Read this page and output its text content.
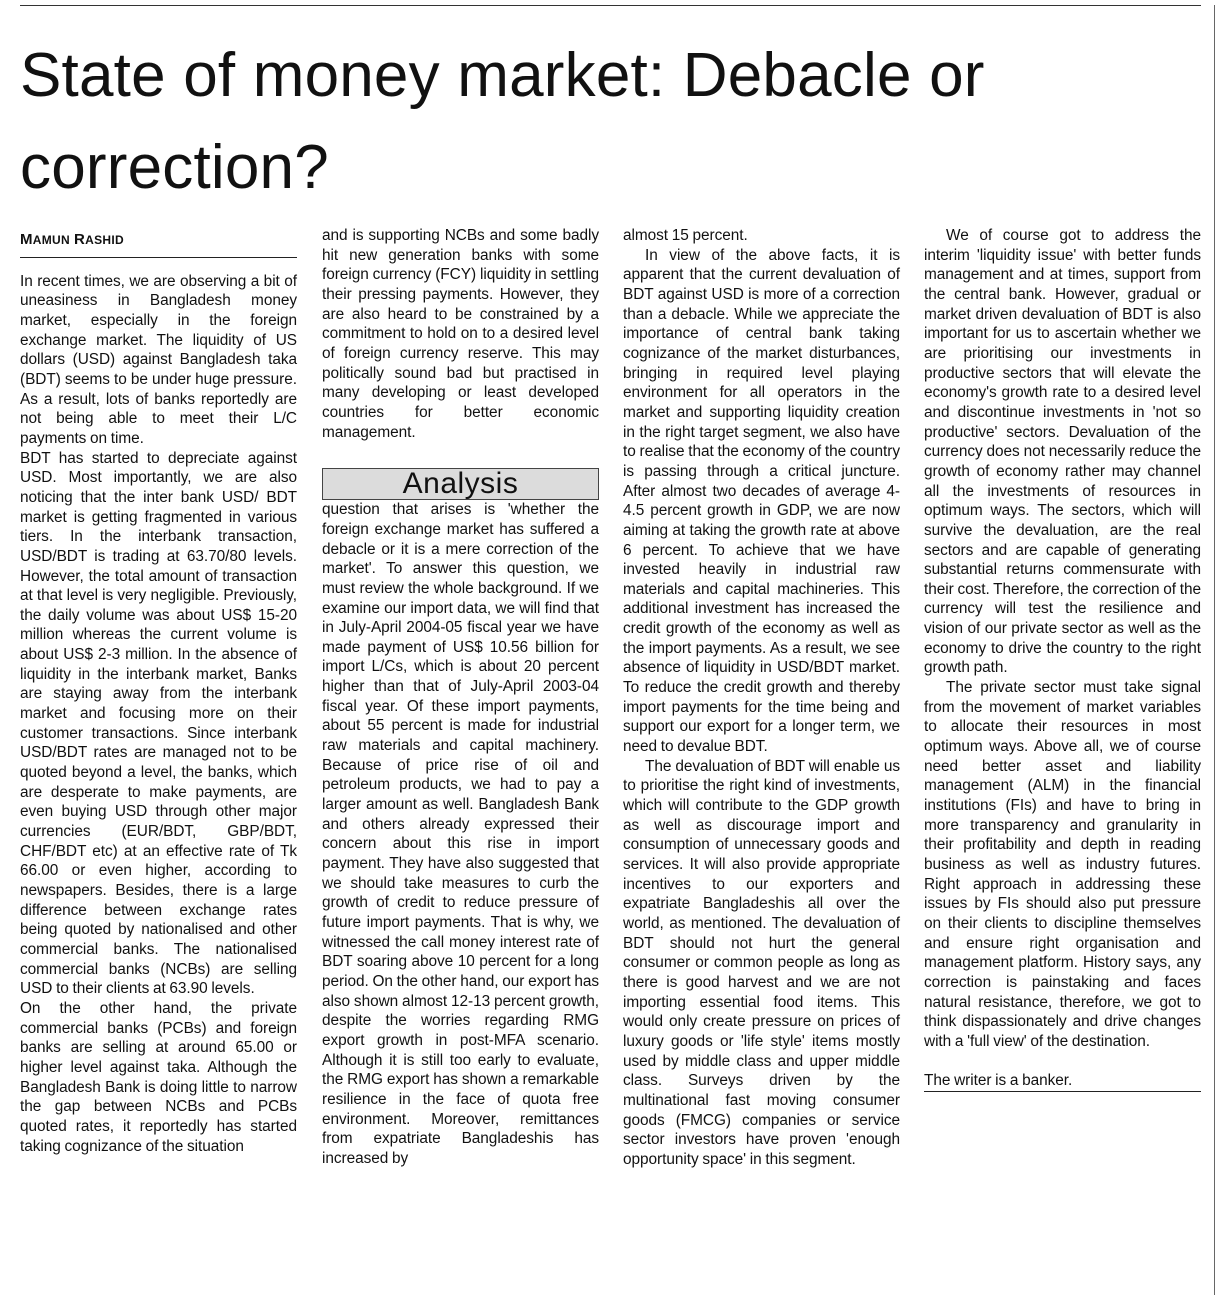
State of money market: Debacle or correction?

MAMUN RASHID

In recent times, we are observing a bit of uneasiness in Bangladesh money market, especially in the foreign exchange market. The liquidity of US dollars (USD) against Bangladesh taka (BDT) seems to be under huge pressure. As a result, lots of banks reportedly are not being able to meet their L/C payments on time.

BDT has started to depreciate against USD. Most importantly, we are also noticing that the inter bank USD/ BDT market is getting fragmented in various tiers. In the interbank transaction, USD/BDT is trading at 63.70/80 levels. However, the total amount of transaction at that level is very negligible. Previously, the daily volume was about US$ 15-20 million whereas the current volume is about US$ 2-3 million. In the absence of liquidity in the interbank market, Banks are staying away from the interbank market and focusing more on their customer transactions. Since interbank USD/BDT rates are managed not to be quoted beyond a level, the banks, which are desperate to make payments, are even buying USD through other major currencies (EUR/BDT, GBP/BDT, CHF/BDT etc) at an effective rate of Tk 66.00 or even higher, according to newspapers. Besides, there is a large difference between exchange rates being quoted by nationalised and other commercial banks. The nationalised commercial banks (NCBs) are selling USD to their clients at 63.90 levels.

On the other hand, the private commercial banks (PCBs) and foreign banks are selling at around 65.00 or higher level against taka. Although the Bangladesh Bank is doing little to narrow the gap between NCBs and PCBs quoted rates, it reportedly has started taking cognizance of the situation

and is supporting NCBs and some badly hit new generation banks with some foreign currency (FCY) liquidity in settling their pressing payments. However, they are also heard to be constrained by a commitment to hold on to a desired level of foreign currency reserve. This may politically sound bad but practised in many developing or least developed countries for better economic management.

Analysis

question that arises is 'whether the foreign exchange market has suffered a debacle or it is a mere correction of the market'. To answer this question, we must review the whole background. If we examine our import data, we will find that in July-April 2004-05 fiscal year we have made payment of US$ 10.56 billion for import L/Cs, which is about 20 percent higher than that of July-April 2003-04 fiscal year. Of these import payments, about 55 percent is made for industrial raw materials and capital machinery. Because of price rise of oil and petroleum products, we had to pay a larger amount as well. Bangladesh Bank and others already expressed their concern about this rise in import payment. They have also suggested that we should take measures to curb the growth of credit to reduce pressure of future import payments. That is why, we witnessed the call money interest rate of BDT soaring above 10 percent for a long period. On the other hand, our export has also shown almost 12-13 percent growth, despite the worries regarding RMG export growth in post-MFA scenario. Although it is still too early to evaluate, the RMG export has shown a remarkable resilience in the face of quota free environment. Moreover, remittances from expatriate Bangladeshis has increased by

almost 15 percent.

In view of the above facts, it is apparent that the current devaluation of BDT against USD is more of a correction than a debacle. While we appreciate the importance of central bank taking cognizance of the market disturbances, bringing in required level playing environment for all operators in the market and supporting liquidity creation in the right target segment, we also have to realise that the economy of the country is passing through a critical juncture. After almost two decades of average 4-4.5 percent growth in GDP, we are now aiming at taking the growth rate at above 6 percent. To achieve that we have invested heavily in industrial raw materials and capital machineries. This additional investment has increased the credit growth of the economy as well as the import payments. As a result, we see absence of liquidity in USD/BDT market. To reduce the credit growth and thereby import payments for the time being and support our export for a longer term, we need to devalue BDT.

The devaluation of BDT will enable us to prioritise the right kind of investments, which will contribute to the GDP growth as well as discourage import and consumption of unnecessary goods and services. It will also provide appropriate incentives to our exporters and expatriate Bangladeshis all over the world, as mentioned. The devaluation of BDT should not hurt the general consumer or common people as long as there is good harvest and we are not importing essential food items. This would only create pressure on prices of luxury goods or 'life style' items mostly used by middle class and upper middle class. Surveys driven by the multinational fast moving consumer goods (FMCG) companies or service sector investors have proven 'enough opportunity space' in this segment.

We of course got to address the interim 'liquidity issue' with better funds management and at times, support from the central bank. However, gradual or market driven devaluation of BDT is also important for us to ascertain whether we are prioritising our investments in productive sectors that will elevate the economy's growth rate to a desired level and discontinue investments in 'not so productive' sectors. Devaluation of the currency does not necessarily reduce the growth of economy rather may channel all the investments of resources in optimum ways. The sectors, which will survive the devaluation, are the real sectors and are capable of generating substantial returns commensurate with their cost. Therefore, the correction of the currency will test the resilience and vision of our private sector as well as the economy to drive the country to the right growth path.

The private sector must take signal from the movement of market variables to allocate their resources in most optimum ways. Above all, we of course need better asset and liability management (ALM) in the financial institutions (FIs) and have to bring in more transparency and granularity in their profitability and depth in reading business as well as industry futures. Right approach in addressing these issues by FIs should also put pressure on their clients to discipline themselves and ensure right organisation and management platform. History says, any correction is painstaking and faces natural resistance, therefore, we got to think dispassionately and drive changes with a 'full view' of the destination.

The writer is a banker.
